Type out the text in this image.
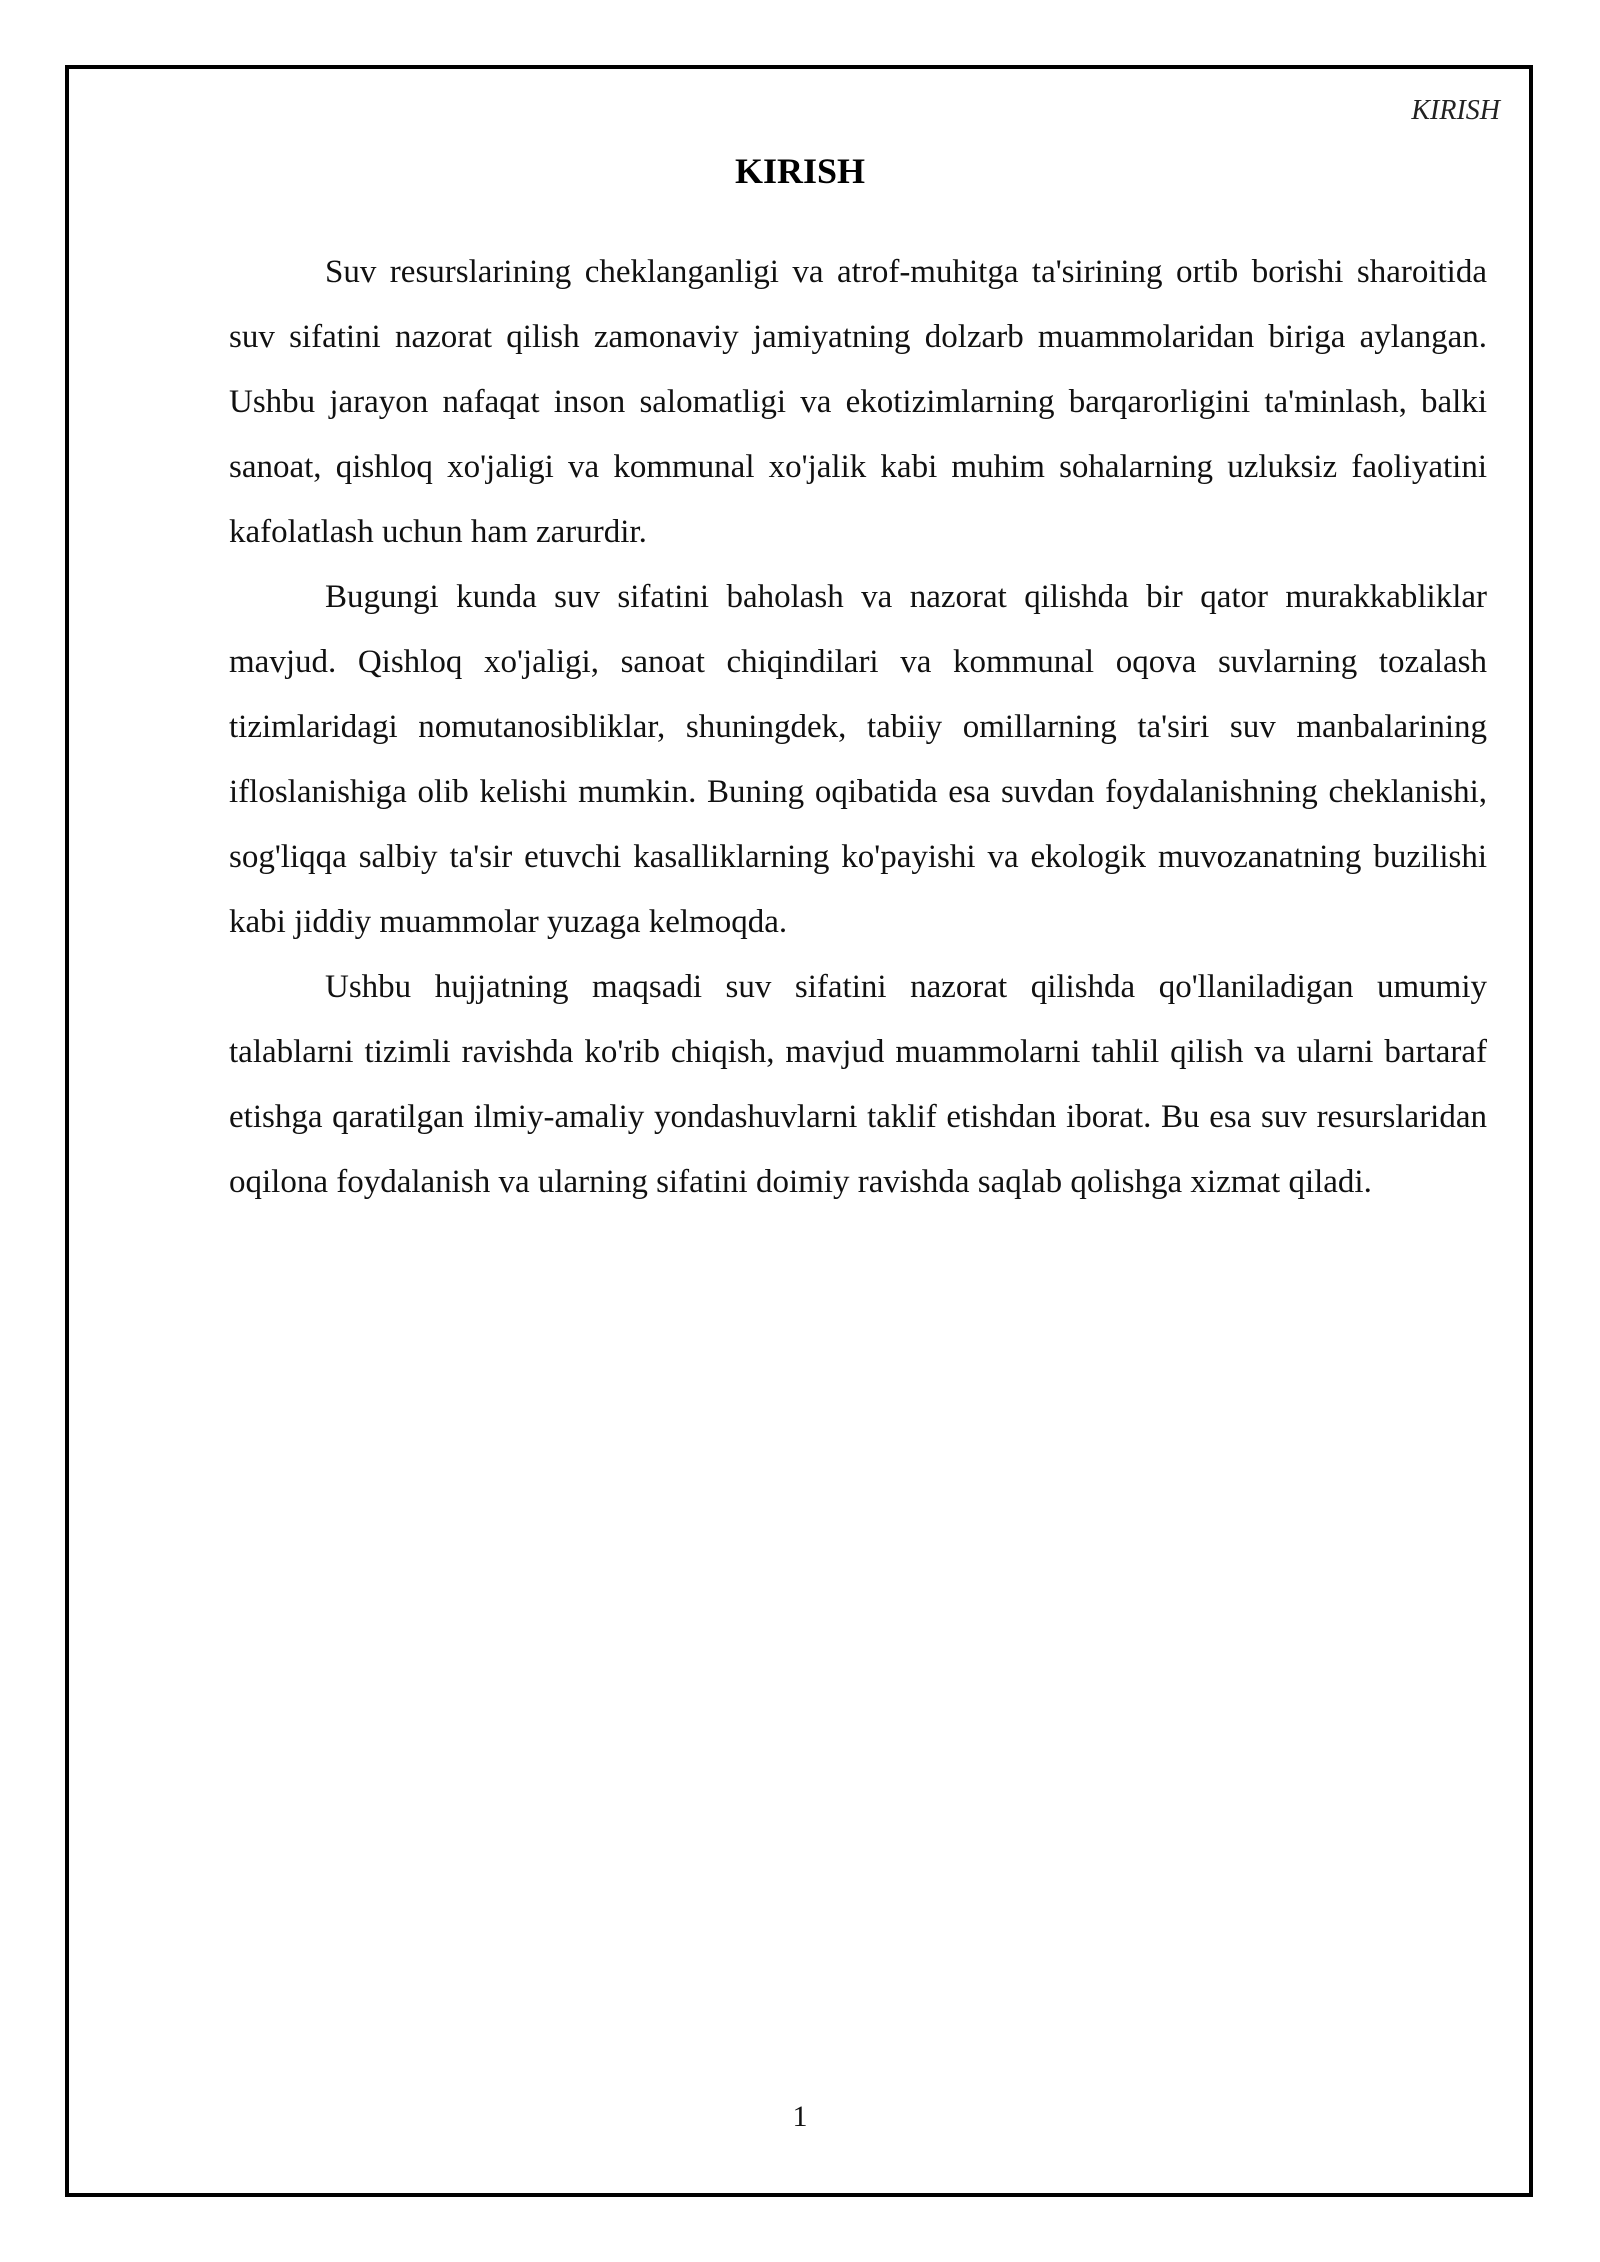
KIRISH
KIRISH

Suv resurslarining cheklanganligi va atrof-muhitga ta'sirining ortib borishi sharoitida suv sifatini nazorat qilish zamonaviy jamiyatning dolzarb muammolaridan biriga aylangan. Ushbu jarayon nafaqat inson salomatligi va ekotizimlarning barqarorligini ta'minlash, balki sanoat, qishloq xo'jaligi va kommunal xo'jalik kabi muhim sohalarning uzluksiz faoliyatini kafolatlash uchun ham zarurdir.

Bugungi kunda suv sifatini baholash va nazorat qilishda bir qator murakkabliklar mavjud. Qishloq xo'jaligi, sanoat chiqindilari va kommunal oqova suvlarning tozalash tizimlaridagi nomutanosibliklar, shuningdek, tabiiy omillarning ta'siri suv manbalarining ifloslanishiga olib kelishi mumkin. Buning oqibatida esa suvdan foydalanishning cheklanishi, sog'liqqa salbiy ta'sir etuvchi kasalliklarning ko'payishi va ekologik muvozanatning buzilishi kabi jiddiy muammolar yuzaga kelmoqda.

Ushbu hujjatning maqsadi suv sifatini nazorat qilishda qo'llaniladigan umumiy talablarni tizimli ravishda ko'rib chiqish, mavjud muammolarni tahlil qilish va ularni bartaraf etishga qaratilgan ilmiy-amaliy yondashuvlarni taklif etishdan iborat. Bu esa suv resurslaridan oqilona foydalanish va ularning sifatini doimiy ravishda saqlab qolishga xizmat qiladi.

1
